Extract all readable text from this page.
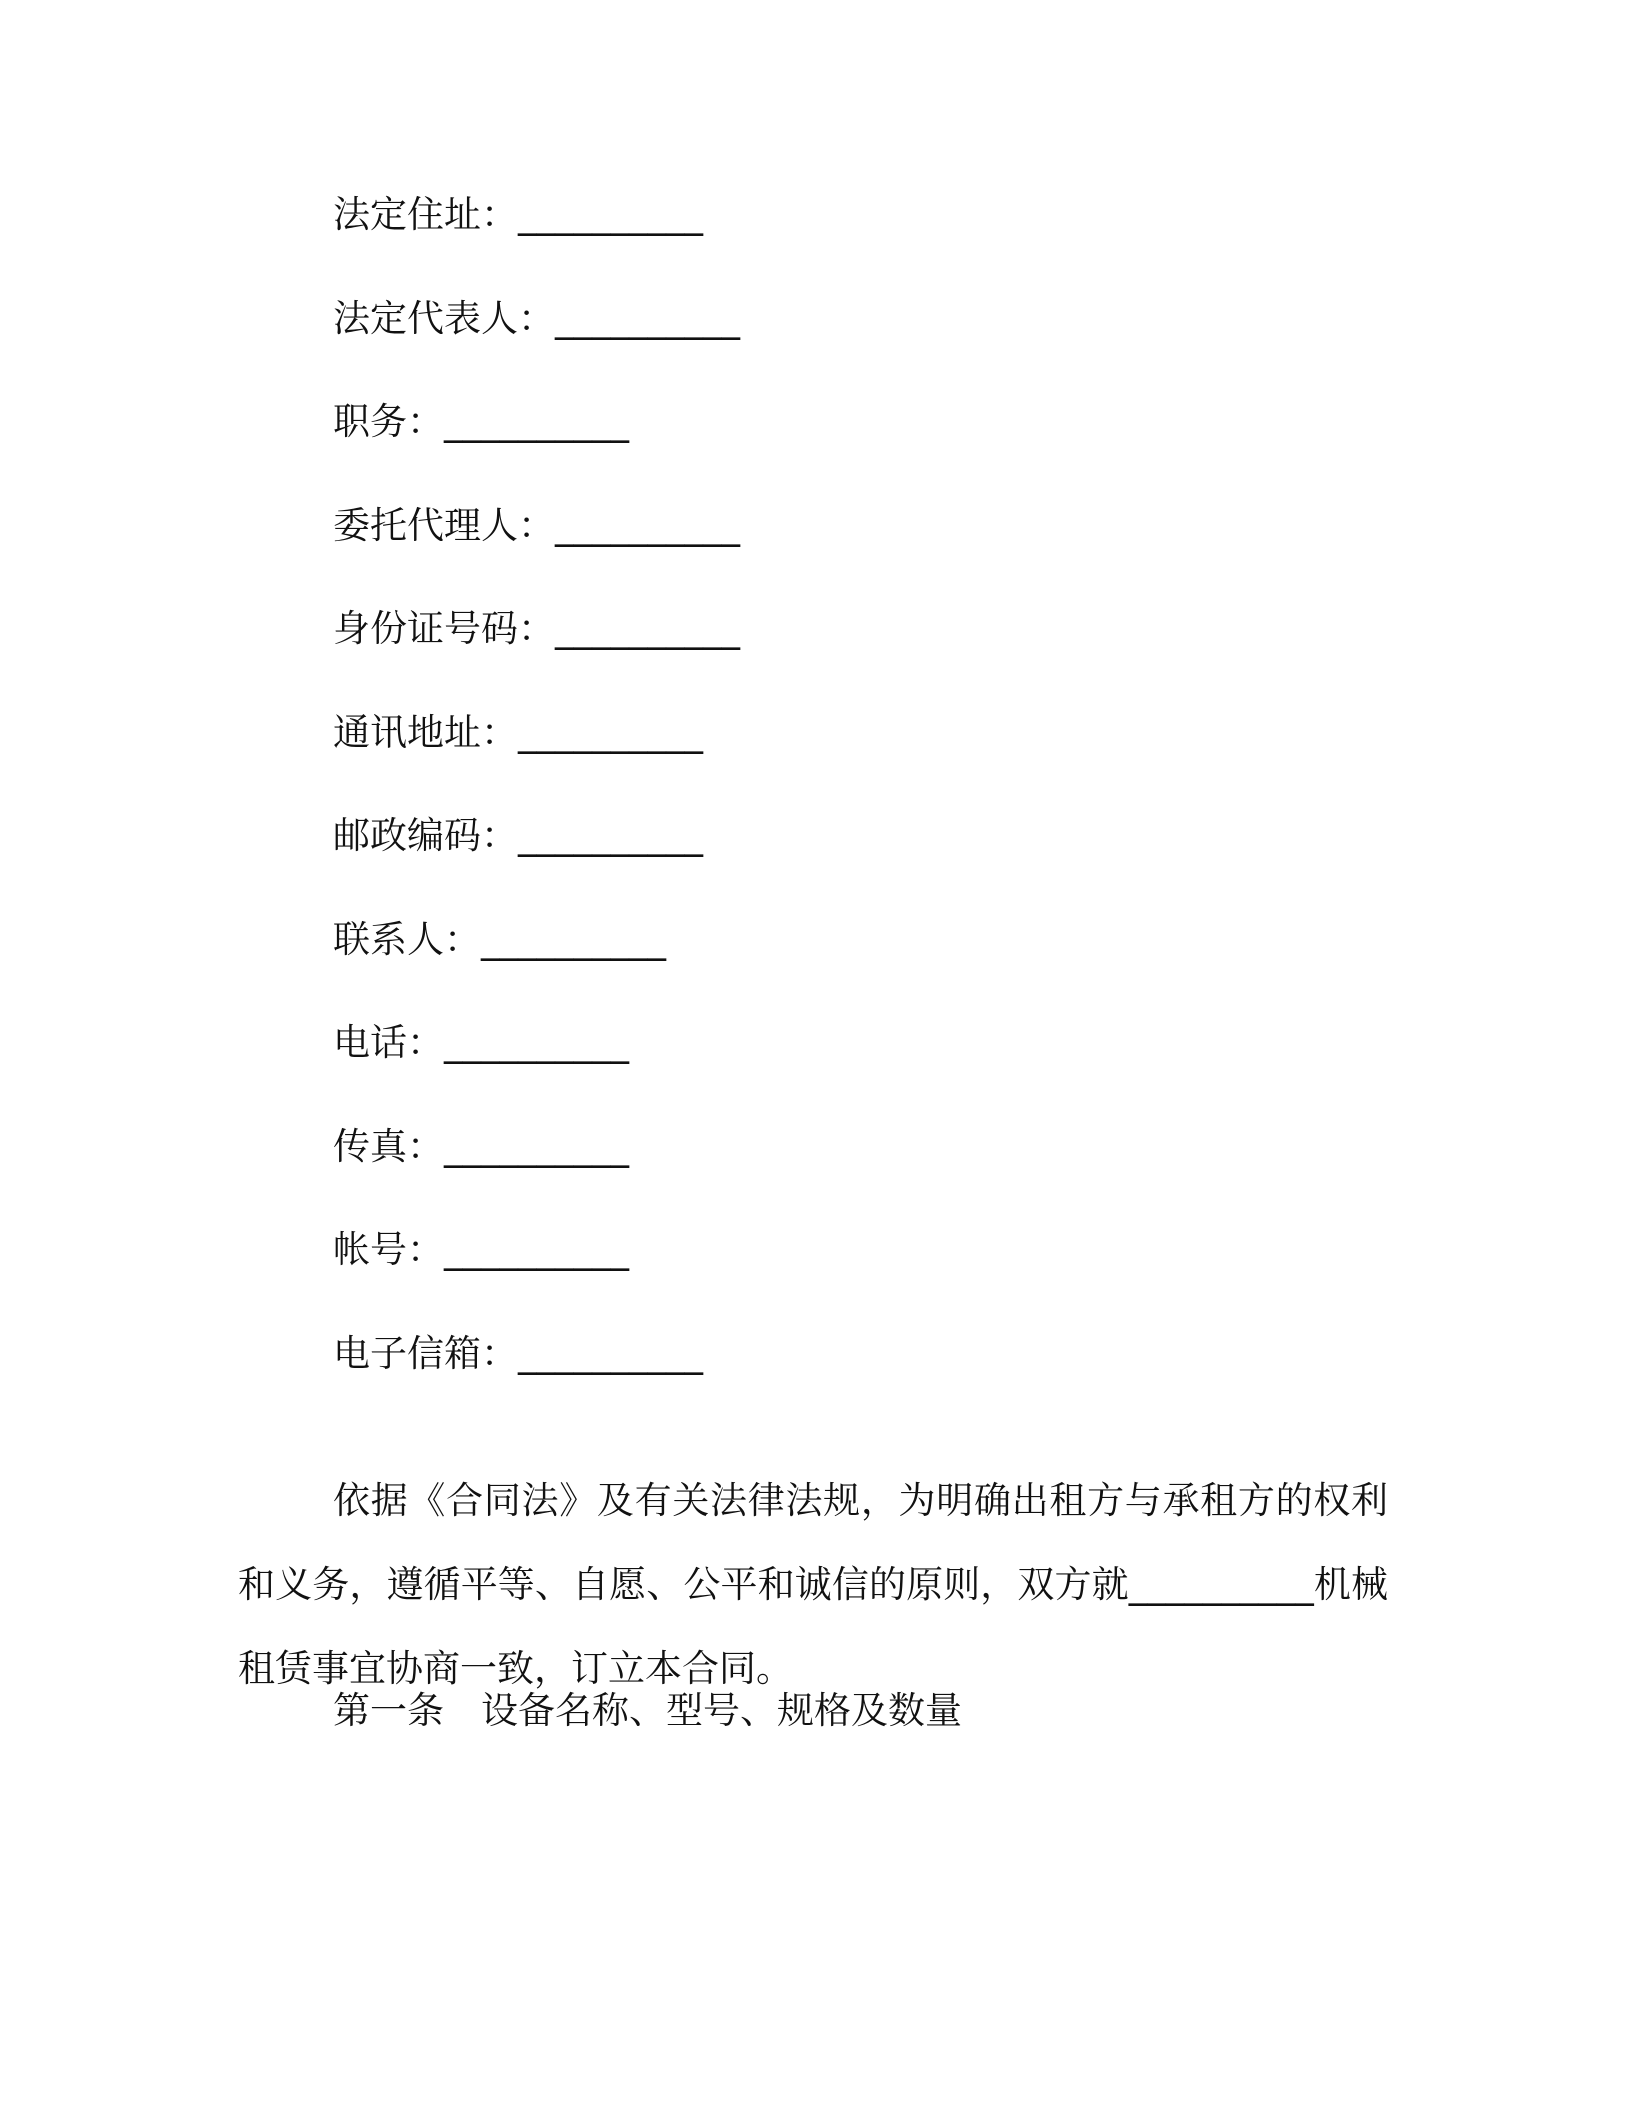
法定住址：__________
法定代表人：__________
职务：__________
委托代理人：__________
身份证号码：__________
通讯地址：__________
邮政编码：__________
联系人：__________
电话：__________
传真：__________
帐号：__________
电子信箱：__________

依据《合同法》及有关法律法规，为明确出租方与承租方的权利和义务，遵循平等、自愿、公平和诚信的原则，双方就__________机械租赁事宜协商一致，订立本合同。

第一条　设备名称、型号、规格及数量
